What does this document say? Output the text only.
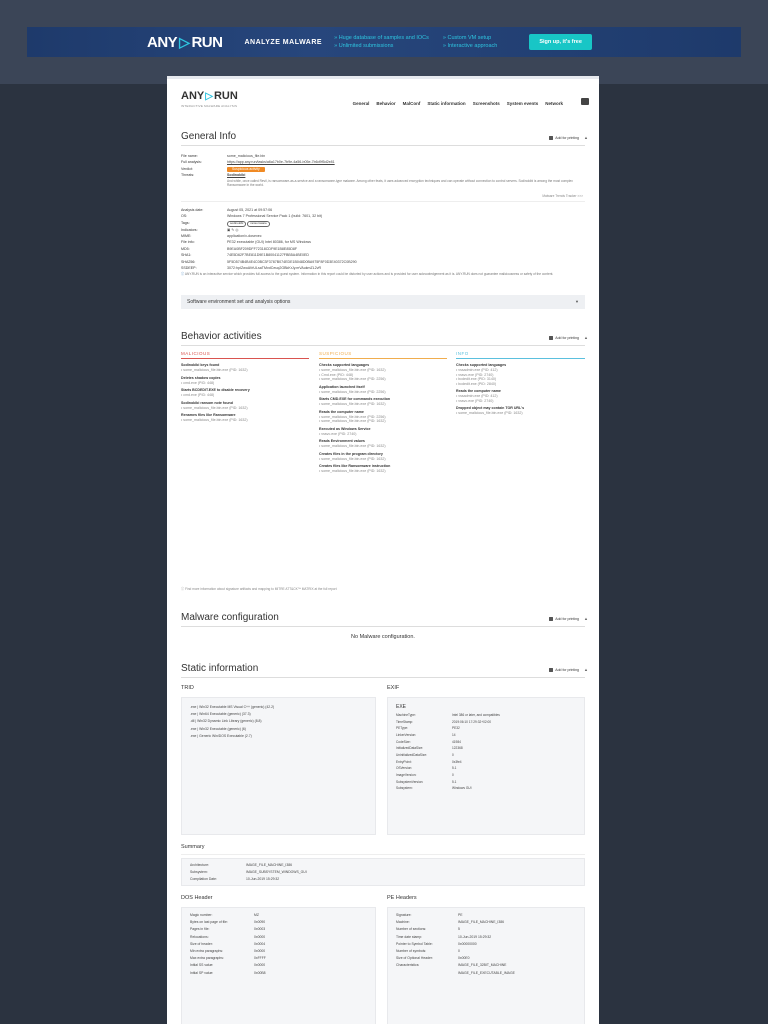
ANY ▷ RUN	ANALYZE MALWARE
» Huge database of samples and IOCs
» Unlimited submissions
» Custom VM setup
» Interactive approach
Sign up, it's free
ANY ▷ RUN
INTERACTIVE MALWARE ANALYSIS	General Behavior MalConf Static information Screenshots System events Network
General Info	Add for printing ▲
File name:	some_malicious_file.bin
Full analysis:	https://app.any.run/tasks/a6a17b0e-7b9e-4a56-b05e-7b6d9f5d2e81
Verdict:	Suspicious activity
Threats:	Sodinokibi
And while, once called Revil, is ransomware-as-a-service and a ransomware-type malware. Among other feats, it uses advanced encryption techniques and can operate without connection to control servers. Sodinokibi is among the most complex Ransomware in the world.
Malware Trends Tracker >>>
Analysis date:	August 05, 2021 at 09:57:06
OS:	Windows 7 Professional Service Pack 1 (build: 7601, 32 bit)
Tags:	sodinokibi ransomware
Indicators:	▣ ✎ ◎
MIME:	application/x-dosexec
File info:	PE32 executable (GUI) Intel 80386, for MS Windows
MD5:	B9EA0BF209DFF72318CDF9E1B8E85D8F
SHA1:	74E5D62F7BE811D9E1B80041127FBB5A4BE0ED
SHA256:	5F5D574B4B4E4C0BC3F3787B074EDE1B048D0BA975F8F0D3E40372C0B290
SSDEEP:	3072:hpIZwoAVrULsaTMvdCeuq2GBkKrJy.mVAukmZL2vR
ⓘ ANY.RUN is an interactive service which provides full access to the guest system. Information in this report could be distorted by user actions and is provided for user acknowledgement as it is. ANY.RUN does not guarantee maliciousness or safety of the content.
Software environment set and analysis options	▼
Behavior activities	Add for printing ▲
MALICIOUS
Sodinokibi keys found
• some_malicious_file.bin.exe (PID: 1632)
Deletes shadow copies
• cmd.exe (PID: 448)
Starts BCDEDIT.EXE to disable recovery
• cmd.exe (PID: 448)
Sodinokibi ransom note found
• some_malicious_file.bin.exe (PID: 1632)
Renames files like Ransomware
• some_malicious_file.bin.exe (PID: 1632)
SUSPICIOUS
Checks supported languages
• some_malicious_file.bin.exe (PID: 1632)
• Cmd.exe (PID: 448)
• some_malicious_file.bin.exe (PID: 2256)
Application launched itself
• some_malicious_file.bin.exe (PID: 2256)
Starts CMD.EXE for commands execution
• some_malicious_file.bin.exe (PID: 1632)
Reads the computer name
• some_malicious_file.bin.exe (PID: 2256)
• some_malicious_file.bin.exe (PID: 1632)
Executed as Windows Service
• vssvc.exe (PID: 2740)
Reads Environment values
• some_malicious_file.bin.exe (PID: 1632)
Creates files in the program directory
• some_malicious_file.bin.exe (PID: 1632)
Creates files like Ransomware instruction
• some_malicious_file.bin.exe (PID: 1632)
INFO
Checks supported languages
• vssadmin.exe (PID: 412)
• vssvc.exe (PID: 2740)
• bcdedit.exe (PID: 3140)
• bcdedit.exe (PID: 2840)
Reads the computer name
• vssadmin.exe (PID: 412)
• vssvc.exe (PID: 2740)
Dropped object may contain TOR URL's
• some_malicious_file.bin.exe (PID: 1632)
ⓘ Find more information about signature artifacts and mapping to MITRE ATT&CK™ MATRIX at the full report
Malware configuration	Add for printing ▲
No Malware configuration.
Static information	Add for printing ▲
TRID
.exe | Win32 Executable MS Visual C++ (generic) (42.2)
.exe | Win64 Executable (generic) (37.3)
.dll | Win32 Dynamic Link Library (generic) (8.8)
.exe | Win32 Executable (generic) (6)
.exe | Generic Win/DOS Executable (2.7)
EXIF
EXE
MachineType:	Intel 386 or later, and compatibles
TimeStamp:	2019:06:10 17:29:32+02:00
PEType:	PE32
LinkerVersion:	14
CodeSize:	41984
InitializedDataSize:	122368
UninitializedDataSize:	0
EntryPoint:	0x3fe4
OSVersion:	5.1
ImageVersion:	0
SubsystemVersion:	5.1
Subsystem:	Windows GUI
Summary
Architecture:	IMAGE_FILE_MACHINE_I386
Subsystem:	IMAGE_SUBSYSTEM_WINDOWS_GUI
Compilation Date:	10-Jun-2019 15:29:32
DOS Header
Magic number:	MZ
Bytes on last page of file:	0x0090
Pages in file:	0x0003
Relocations:	0x0000
Size of header:	0x0004
Min extra paragraphs:	0x0000
Max extra paragraphs:	0xFFFF
Initial SS value:	0x0000
Initial SP value:	0x00B8
PE Headers
Signature:	PE
Machine:	IMAGE_FILE_MACHINE_I386
Number of sections:	5
Time date stamp:	10-Jun-2019 15:29:32
Pointer to Symbol Table:	0x00000000
Number of symbols:	0
Size of Optional Header:	0x00E0
Characteristics:	IMAGE_FILE_32BIT_MACHINE
IMAGE_FILE_EXECUTABLE_IMAGE
